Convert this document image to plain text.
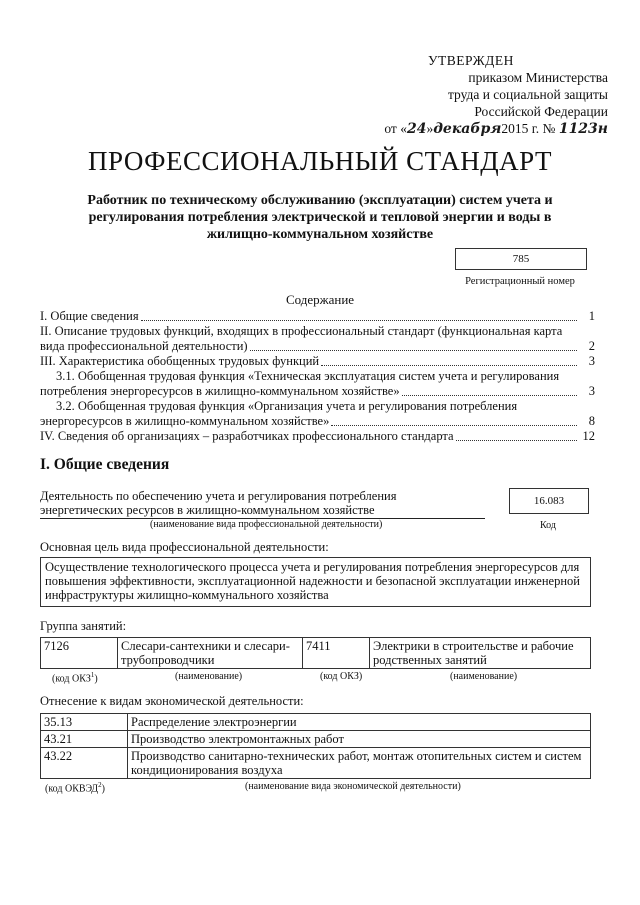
УТВЕРЖДЕН
приказом Министерства
труда и социальной защиты
Российской Федерации
от «24»декабря2015 г. № 1123н
ПРОФЕССИОНАЛЬНЫЙ СТАНДАРТ
Работник по техническому обслуживанию (эксплуатации) систем учета и регулирования потребления электрической и тепловой энергии и воды в жилищно-коммунальном хозяйстве
785
Регистрационный номер
Содержание
I. Общие сведения	1
II. Описание трудовых функций, входящих в профессиональный стандарт (функциональная карта
вида профессиональной деятельности)	2
III. Характеристика обобщенных трудовых функций	3
3.1. Обобщенная трудовая функция «Техническая эксплуатация систем учета и регулирования
потребления энергоресурсов в жилищно-коммунальном хозяйстве»	3
3.2. Обобщенная трудовая функция «Организация учета и регулирования потребления
энергоресурсов в жилищно-коммунальном хозяйстве»	8
IV. Сведения об организациях – разработчиках профессионального стандарта	12
I. Общие сведения
Деятельность по обеспечению учета и регулирования потребления энергетических ресурсов в жилищно-коммунальном хозяйстве
(наименование вида профессиональной деятельности)
16.083
Код
Основная цель вида профессиональной деятельности:
Осуществление технологического процесса учета и регулирования потребления энергоресурсов для повышения эффективности, эксплуатационной надежности и безопасной эксплуатации инженерной инфраструктуры жилищно-коммунального хозяйства
Группа занятий:
7126	Слесари-сантехники и слесари-трубопроводчики	7411	Электрики в строительстве и рабочие родственных занятий
(код ОКЗ$^1$)	(наименование)	(код ОКЗ)	(наименование)
Отнесение к видам экономической деятельности:
35.13	Распределение электроэнергии
43.21	Производство электромонтажных работ
43.22	Производство санитарно-технических работ, монтаж отопительных систем и систем кондиционирования воздуха
(код ОКВЭД$^2$)	(наименование вида экономической деятельности)
